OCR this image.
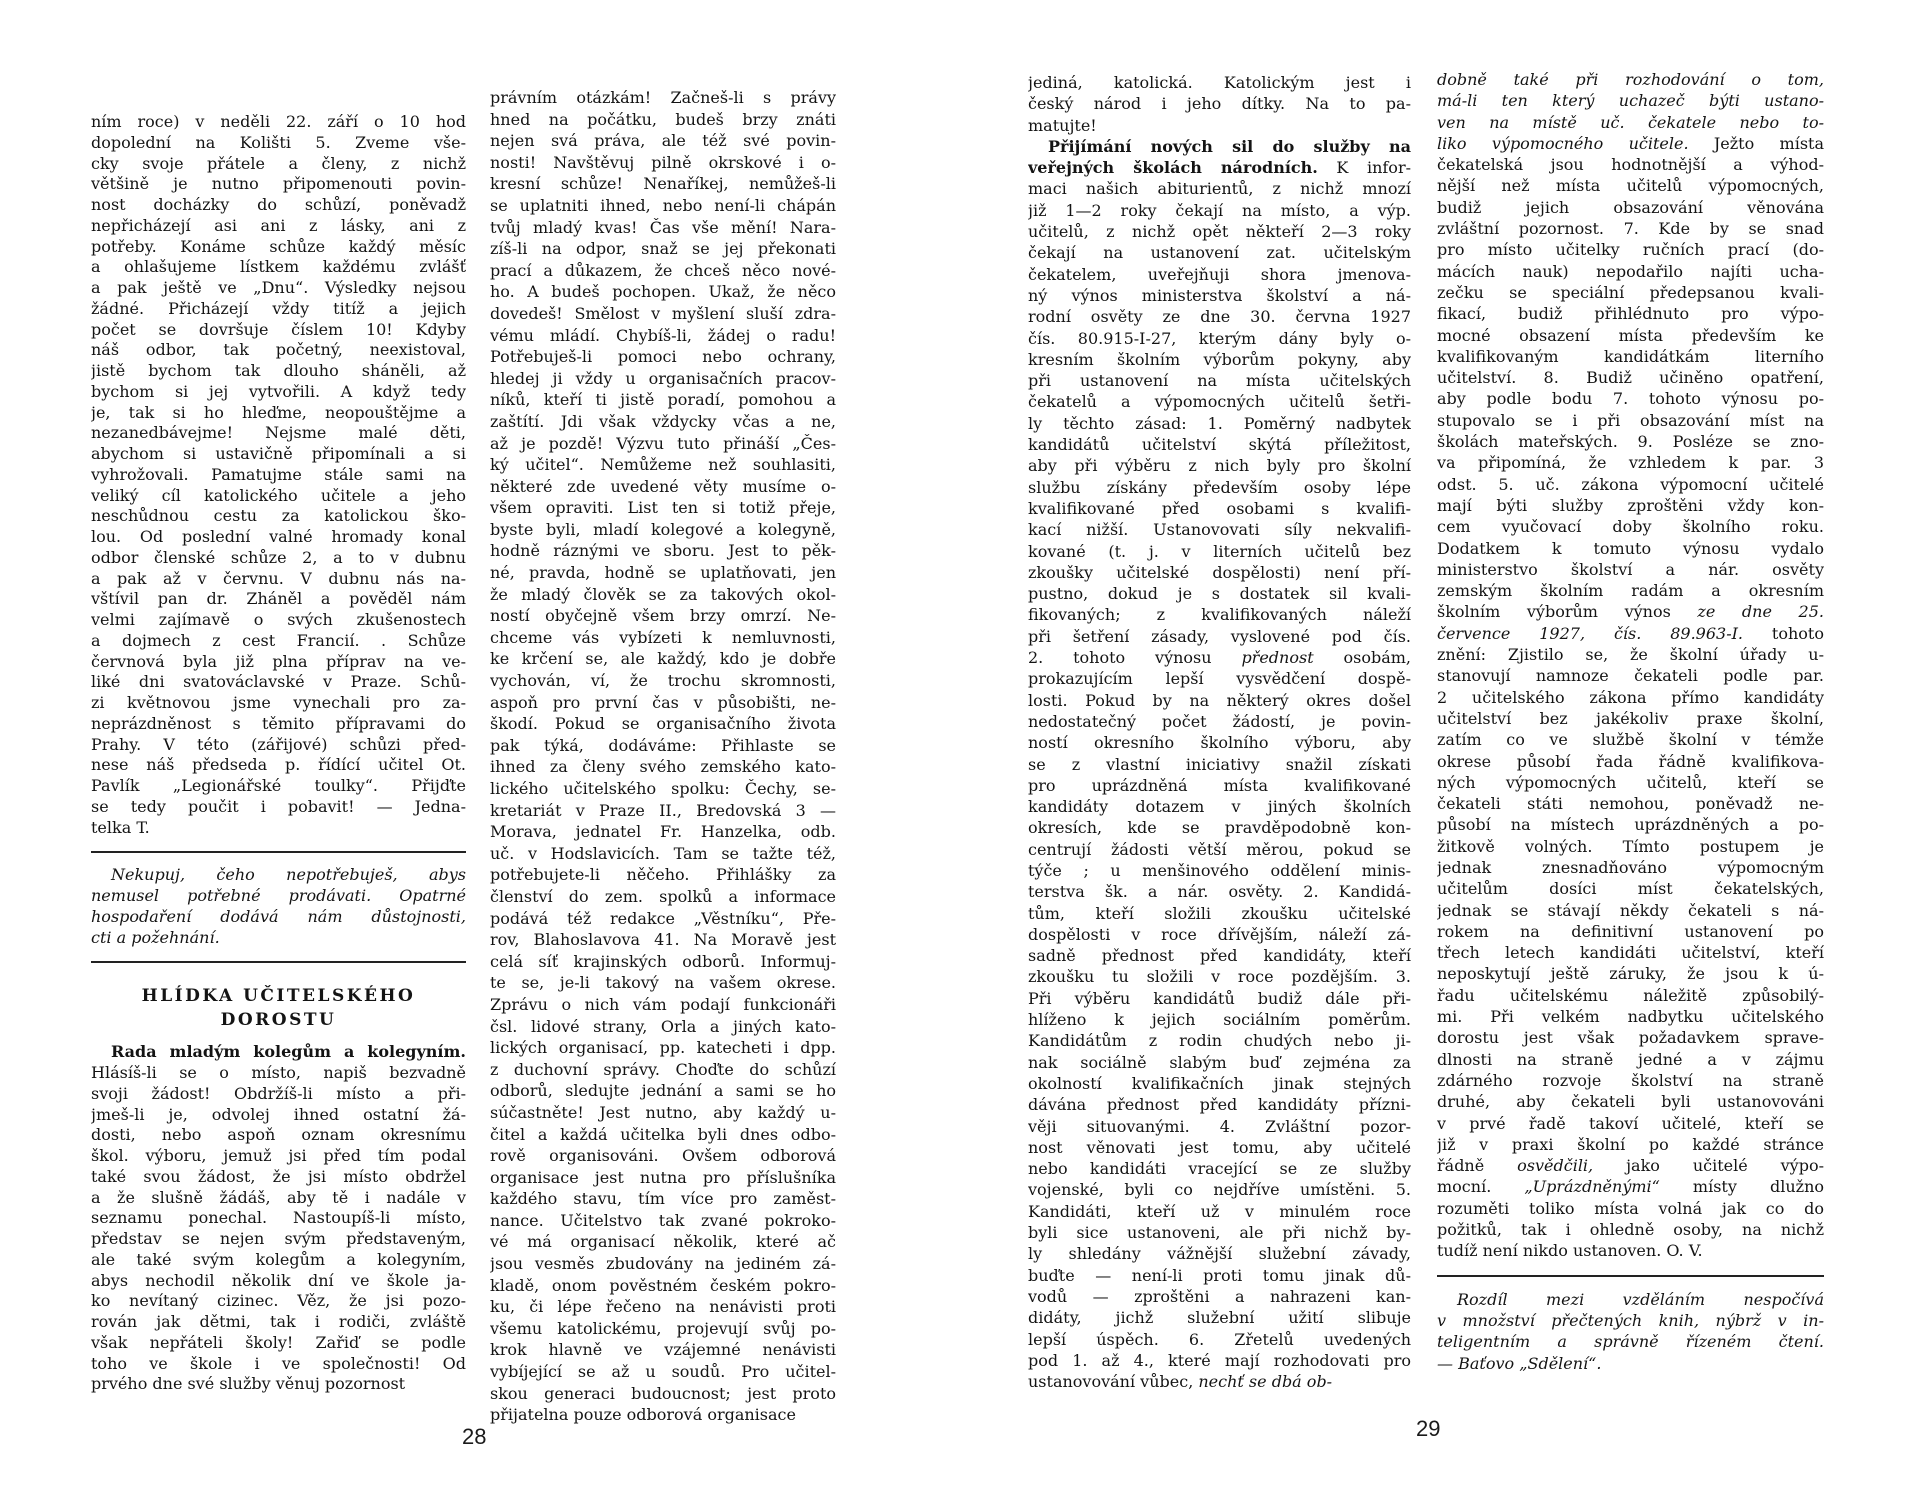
ním roce) v neděli 22. září o 10 hod
dopolední na Kolišti 5. Zveme vše-
cky svoje přátele a členy, z nichž
většině je nutno připomenouti povin-
nost docházky do schůzí, poněvadž
nepřicházejí asi ani z lásky, ani z
potřeby. Konáme schůze každý měsíc
a ohlašujeme lístkem každému zvlášť
a pak ještě ve „Dnu“. Výsledky nejsou
žádné. Přicházejí vždy titíž a jejich
počet se dovršuje číslem 10! Kdyby
náš odbor, tak početný, neexistoval,
jistě bychom tak dlouho sháněli, až
bychom si jej vytvořili. A když tedy
je, tak si ho hleďme, neopouštějme a
nezanedbávejme! Nejsme malé děti,
abychom si ustavičně připomínali a si
vyhrožovali. Pamatujme stále sami na
veliký cíl katolického učitele a jeho
neschůdnou cestu za katolickou ško-
lou. Od poslední valné hromady konal
odbor členské schůze 2, a to v dubnu
a pak až v červnu. V dubnu nás na-
vštívil pan dr. Zháněl a pověděl nám
velmi zajímavě o svých zkušenostech
a dojmech z cest Francií. . Schůze
červnová byla již plna příprav na ve-
liké dni svatováclavské v Praze. Schů-
zi květnovou jsme vynechali pro za-
neprázdněnost s těmito přípravami do
Prahy. V této (zářijové) schůzi před-
nese náš předseda p. řídící učitel Ot.
Pavlík „Legionářské toulky“. Přijďte
se tedy poučit i pobavit! — Jedna-
telka T.
Nekupuj, čeho nepotřebuješ, abys
nemusel potřebné prodávati. Opatrné
hospodaření dodává nám důstojnosti,
cti a požehnání.
HLÍDKA UČITELSKÉHO
DOROSTU
Rada mladým kolegům a kolegyním.
Hlásíš-li se o místo, napiš bezvadně
svoji žádost! Obdržíš-li místo a při-
jmeš-li je, odvolej ihned ostatní žá-
dosti, nebo aspoň oznam okresnímu
škol. výboru, jemuž jsi před tím podal
také svou žádost, že jsi místo obdržel
a že slušně žádáš, aby tě i nadále v
seznamu ponechal. Nastoupíš-li místo,
představ se nejen svým představeným,
ale také svým kolegům a kolegyním,
abys nechodil několik dní ve škole ja-
ko nevítaný cizinec. Věz, že jsi pozo-
rován jak dětmi, tak i rodiči, zvláště
však nepřáteli školy! Zařiď se podle
toho ve škole i ve společnosti! Od
prvého dne své služby věnuj pozornost
právním otázkám! Začneš-li s právy
hned na počátku, budeš brzy znáti
nejen svá práva, ale též své povin-
nosti! Navštěvuj pilně okrskové i o-
kresní schůze! Nenaříkej, nemůžeš-li
se uplatniti ihned, nebo není-li chápán
tvůj mladý kvas! Čas vše mění! Nara-
zíš-li na odpor, snaž se jej překonati
prací a důkazem, že chceš něco nové-
ho. A budeš pochopen. Ukaž, že něco
dovedeš! Smělost v myšlení sluší zdra-
vému mládí. Chybíš-li, žádej o radu!
Potřebuješ-li pomoci nebo ochrany,
hledej ji vždy u organisačních pracov-
níků, kteří ti jistě poradí, pomohou a
zaštítí. Jdi však vždycky včas a ne,
až je pozdě! Výzvu tuto přináší „Čes-
ký učitel“. Nemůžeme než souhlasiti,
některé zde uvedené věty musíme o-
všem opraviti. List ten si totiž přeje,
byste byli, mladí kolegové a kolegyně,
hodně ráznými ve sboru. Jest to pěk-
né, pravda, hodně se uplatňovati, jen
že mladý člověk se za takových okol-
ností obyčejně všem brzy omrzí. Ne-
chceme vás vybízeti k nemluvnosti,
ke krčení se, ale každý, kdo je dobře
vychován, ví, že trochu skromnosti,
aspoň pro první čas v působišti, ne-
škodí. Pokud se organisačního života
pak týká, dodáváme: Přihlaste se
ihned za členy svého zemského kato-
lického učitelského spolku: Čechy, se-
kretariát v Praze II., Bredovská 3 —
Morava, jednatel Fr. Hanzelka, odb.
uč. v Hodslavicích. Tam se tažte též,
potřebujete-li něčeho. Přihlášky za
členství do zem. spolků a informace
podává též redakce „Věstníku“, Pře-
rov, Blahoslavova 41. Na Moravě jest
celá síť krajinských odborů. Informuj-
te se, je-li takový na vašem okrese.
Zprávu o nich vám podají funkcionáři
čsl. lidové strany, Orla a jiných kato-
lických organisací, pp. katecheti i dpp.
z duchovní správy. Choďte do schůzí
odborů, sledujte jednání a sami se ho
súčastněte! Jest nutno, aby každý u-
čitel a každá učitelka byli dnes odbo-
rově organisováni. Ovšem odborová
organisace jest nutna pro příslušníka
každého stavu, tím více pro zaměst-
nance. Učitelstvo tak zvané pokroko-
vé má organisací několik, které ač
jsou vesměs zbudovány na jediném zá-
kladě, onom pověstném českém pokro-
ku, či lépe řečeno na nenávisti proti
všemu katolickému, projevují svůj po-
krok hlavně ve vzájemné nenávisti
vybíjející se až u soudů. Pro učitel-
skou generaci budoucnost; jest proto
přijatelna pouze odborová organisace
28
jediná, katolická. Katolickým jest i
český národ i jeho dítky. Na to pa-
matujte!
Přijímání nových sil do služby na
veřejných školách národních. K infor-
maci našich abiturientů, z nichž mnozí
již 1—2 roky čekají na místo, a výp.
učitelů, z nichž opět někteří 2—3 roky
čekají na ustanovení zat. učitelským
čekatelem, uveřejňuji shora jmenova-
ný výnos ministerstva školství a ná-
rodní osvěty ze dne 30. června 1927
čís. 80.915-I-27, kterým dány byly o-
kresním školním výborům pokyny, aby
při ustanovení na místa učitelských
čekatelů a výpomocných učitelů šetři-
ly těchto zásad: 1. Poměrný nadbytek
kandidátů učitelství skýtá příležitost,
aby při výběru z nich byly pro školní
službu získány především osoby lépe
kvalifikované před osobami s kvalifi-
kací nižší. Ustanovovati síly nekvalifi-
kované (t. j. v literních učitelů bez
zkoušky učitelské dospělosti) není pří-
pustno, dokud je s dostatek sil kvali-
fikovaných; z kvalifikovaných náleží
při šetření zásady, vyslovené pod čís.
2. tohoto výnosu přednost osobám,
prokazujícím lepší vysvědčení dospě-
losti. Pokud by na některý okres došel
nedostatečný počet žádostí, je povin-
ností okresního školního výboru, aby
se z vlastní iniciativy snažil získati
pro uprázdněná místa kvalifikované
kandidáty dotazem v jiných školních
okresích, kde se pravděpodobně kon-
centrují žádosti větší měrou, pokud se
týče ; u menšinového oddělení minis-
terstva šk. a nár. osvěty. 2. Kandidá-
tům, kteří složili zkoušku učitelské
dospělosti v roce dřívějším, náleží zá-
sadně přednost před kandidáty, kteří
zkoušku tu složili v roce pozdějším. 3.
Při výběru kandidátů budiž dále při-
hlíženo k jejich sociálním poměrům.
Kandidátům z rodin chudých nebo ji-
nak sociálně slabým buď zejména za
okolností kvalifikačních jinak stejných
dávána přednost před kandidáty přízni-
věji situovanými. 4. Zvláštní pozor-
nost věnovati jest tomu, aby učitelé
nebo kandidáti vracející se ze služby
vojenské, byli co nejdříve umístěni. 5.
Kandidáti, kteří už v minulém roce
byli sice ustanoveni, ale při nichž by-
ly shledány vážnější služební závady,
buďte — není-li proti tomu jinak dů-
vodů — zproštěni a nahrazeni kan-
didáty, jichž služební užití slibuje
lepší úspěch. 6. Zřetelů uvedených
pod 1. až 4., které mají rozhodovati pro
ustanovování vůbec, nechť se dbá ob-
dobně také při rozhodování o tom,
má-li ten který uchazeč býti ustano-
ven na místě uč. čekatele nebo to-
liko výpomocného učitele. Ježto místa
čekatelská jsou hodnotnější a výhod-
nější než místa učitelů výpomocných,
budiž jejich obsazování věnována
zvláštní pozornost. 7. Kde by se snad
pro místo učitelky ručních prací (do-
mácích nauk) nepodařilo najíti ucha-
zečku se speciální předepsanou kvali-
fikací, budiž přihlédnuto pro výpo-
mocné obsazení místa především ke
kvalifikovaným kandidátkám literního
učitelství. 8. Budiž učiněno opatření,
aby podle bodu 7. tohoto výnosu po-
stupovalo se i při obsazování míst na
školách mateřských. 9. Posléze se zno-
va připomíná, že vzhledem k par. 3
odst. 5. uč. zákona výpomocní učitelé
mají býti služby zproštěni vždy kon-
cem vyučovací doby školního roku.
Dodatkem k tomuto výnosu vydalo
ministerstvo školství a nár. osvěty
zemským školním radám a okresním
školním výborům výnos ze dne 25.
července 1927, čís. 89.963-I. tohoto
znění: Zjistilo se, že školní úřady u-
stanovují namnoze čekateli podle par.
2 učitelského zákona přímo kandidáty
učitelství bez jakékoliv praxe školní,
zatím co ve službě školní v témže
okrese působí řada řádně kvalifikova-
ných výpomocných učitelů, kteří se
čekateli státi nemohou, poněvadž ne-
působí na místech uprázdněných a po-
žitkově volných. Tímto postupem je
jednak znesnadňováno výpomocným
učitelům dosíci míst čekatelských,
jednak se stávají někdy čekateli s ná-
rokem na definitivní ustanovení po
třech letech kandidáti učitelství, kteří
neposkytují ještě záruky, že jsou k ú-
řadu učitelskému náležitě způsobilý-
mi. Při velkém nadbytku učitelského
dorostu jest však požadavkem sprave-
dlnosti na straně jedné a v zájmu
zdárného rozvoje školství na straně
druhé, aby čekateli byli ustanovováni
v prvé řadě takoví učitelé, kteří se
již v praxi školní po každé stránce
řádně osvědčili, jako učitelé výpo-
mocní. „Uprázdněnými“ místy dlužno
rozuměti toliko místa volná jak co do
požitků, tak i ohledně osoby, na nichž
tudíž není nikdo ustanoven. O. V.
Rozdíl mezi vzděláním nespočívá
v množství přečtených knih, nýbrž v in-
teligentním a správně řízeném čtení.
— Baťovo „Sdělení“.
29
